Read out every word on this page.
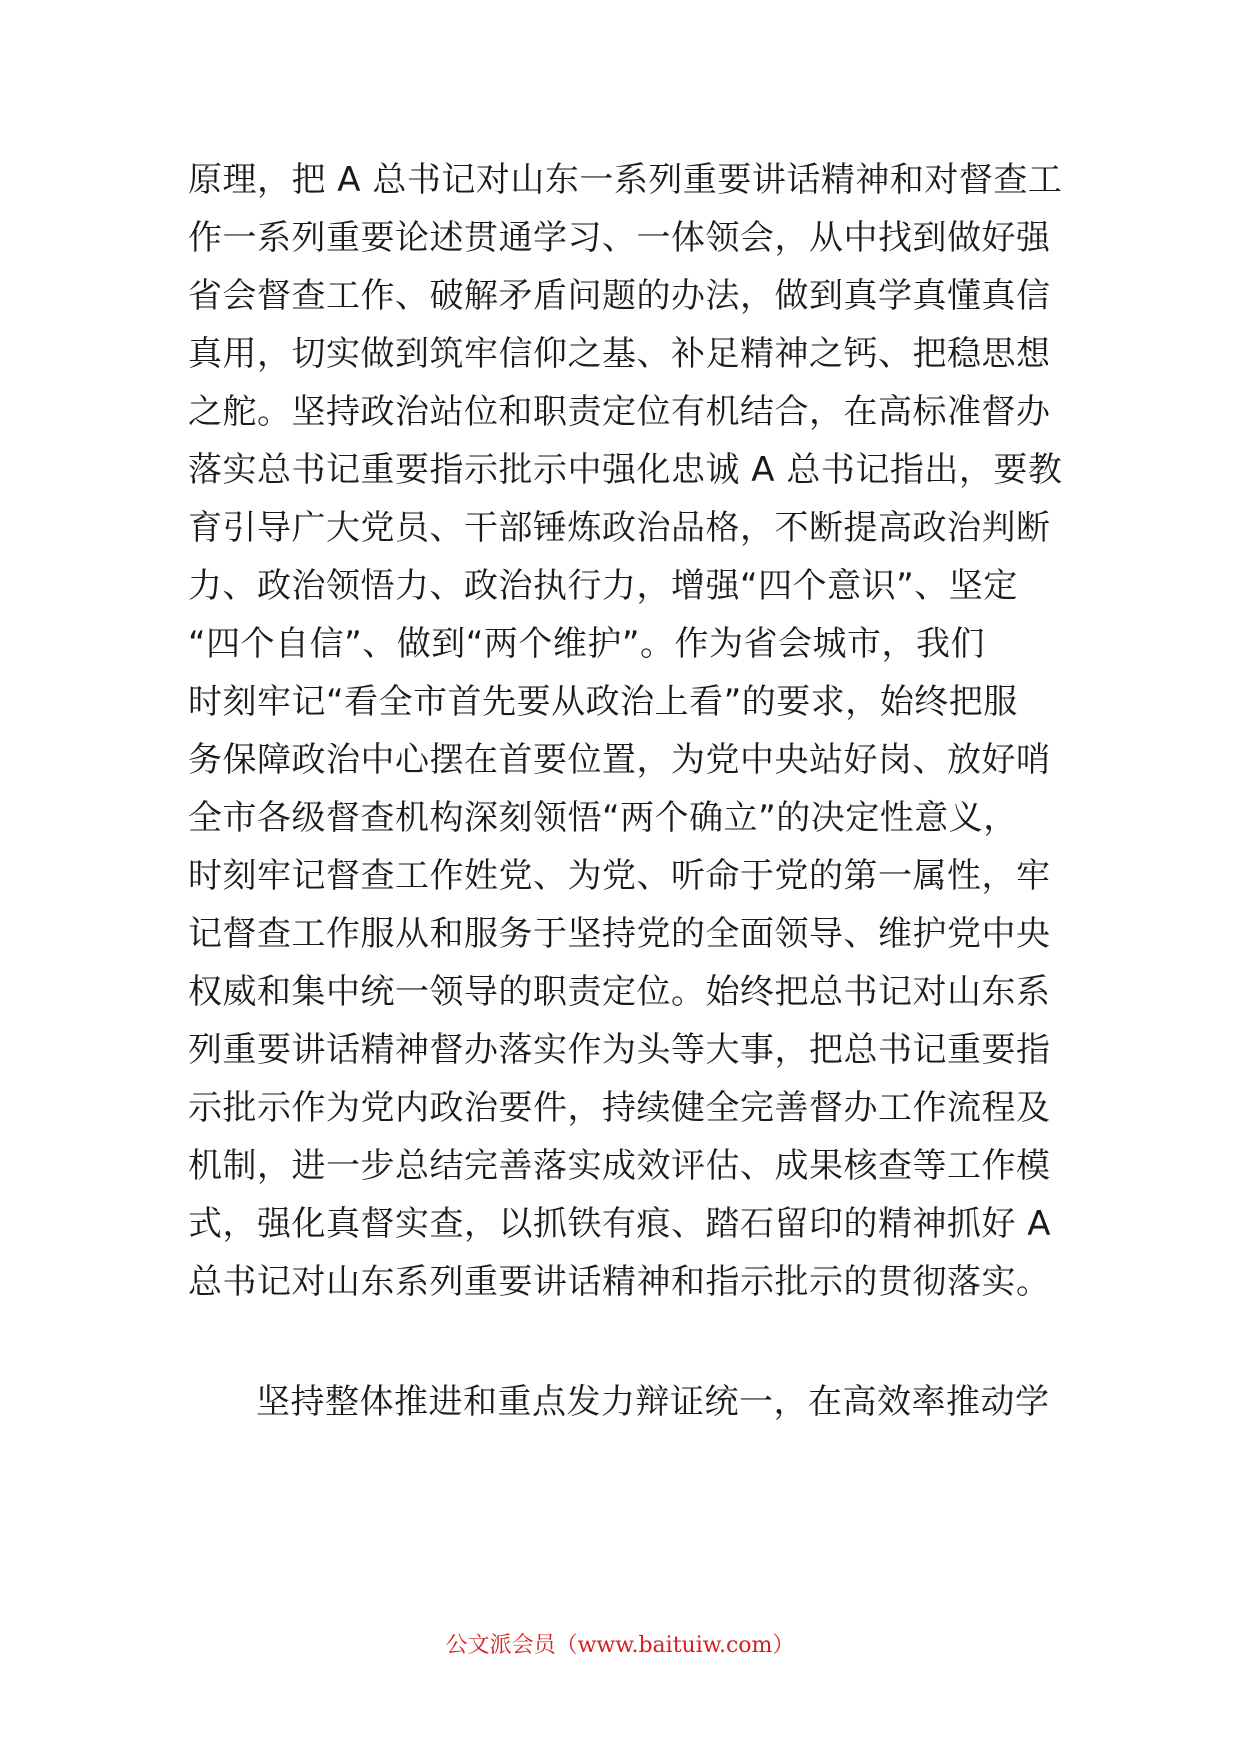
原理，把 A 总书记对山东一系列重要讲话精神和对督查工
作一系列重要论述贯通学习、一体领会，从中找到做好强
省会督查工作、破解矛盾问题的办法，做到真学真懂真信
真用，切实做到筑牢信仰之基、补足精神之钙、把稳思想
之舵。坚持政治站位和职责定位有机结合，在高标准督办
落实总书记重要指示批示中强化忠诚 A 总书记指出，要教
育引导广大党员、干部锤炼政治品格，不断提高政治判断
力、政治领悟力、政治执行力，增强“四个意识”、坚定
“四个自信”、做到“两个维护”。作为省会城市，我们
时刻牢记“看全市首先要从政治上看”的要求，始终把服
务保障政治中心摆在首要位置，为党中央站好岗、放好哨
全市各级督查机构深刻领悟“两个确立”的决定性意义，
时刻牢记督查工作姓党、为党、听命于党的第一属性，牢
记督查工作服从和服务于坚持党的全面领导、维护党中央
权威和集中统一领导的职责定位。始终把总书记对山东系
列重要讲话精神督办落实作为头等大事，把总书记重要指
示批示作为党内政治要件，持续健全完善督办工作流程及
机制，进一步总结完善落实成效评估、成果核查等工作模
式，强化真督实查，以抓铁有痕、踏石留印的精神抓好 A
总书记对山东系列重要讲话精神和指示批示的贯彻落实。
坚持整体推进和重点发力辩证统一，在高效率推动学
公文派会员（www.baituiw.com）
